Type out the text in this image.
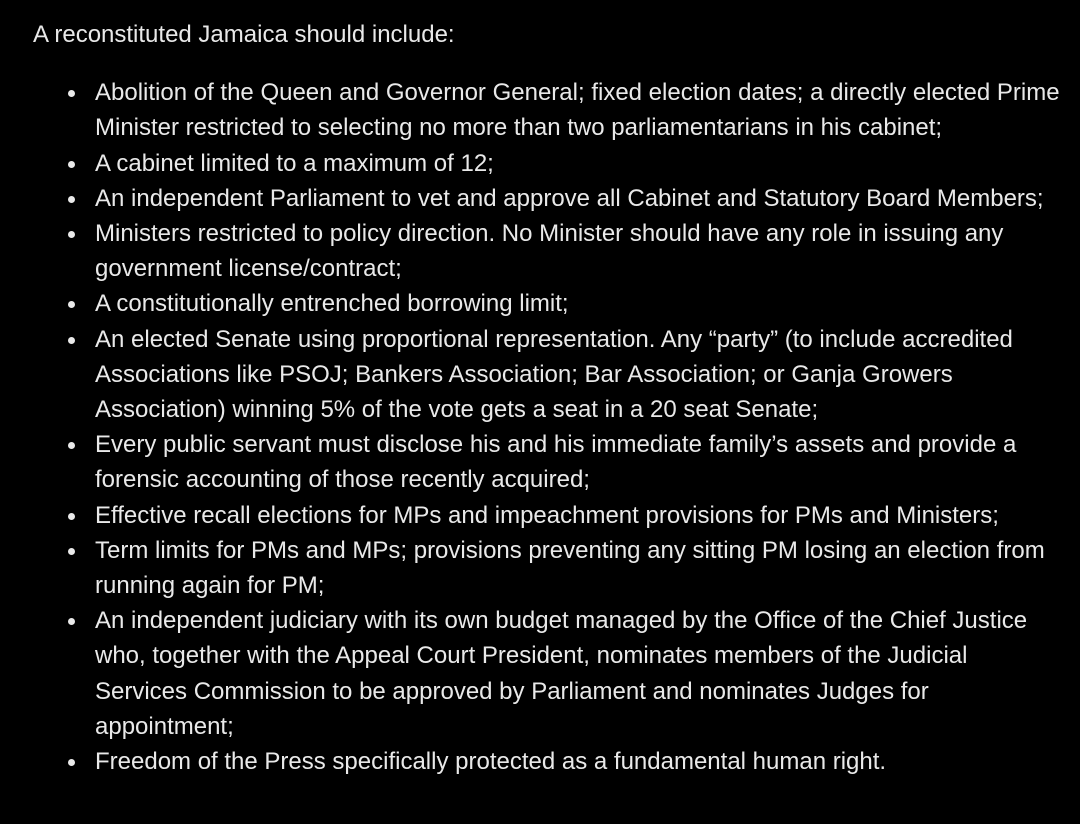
A reconstituted Jamaica should include:

Abolition of the Queen and Governor General; fixed election dates; a directly elected Prime Minister restricted to selecting no more than two parliamentarians in his cabinet;
A cabinet limited to a maximum of 12;
An independent Parliament to vet and approve all Cabinet and Statutory Board Members;
Ministers restricted to policy direction. No Minister should have any role in issuing any government license/contract;
A constitutionally entrenched borrowing limit;
An elected Senate using proportional representation. Any “party” (to include accredited Associations like PSOJ; Bankers Association; Bar Association; or Ganja Growers Association) winning 5% of the vote gets a seat in a 20 seat Senate;
Every public servant must disclose his and his immediate family’s assets and provide a forensic accounting of those recently acquired;
Effective recall elections for MPs and impeachment provisions for PMs and Ministers;
Term limits for PMs and MPs; provisions preventing any sitting PM losing an election from running again for PM;
An independent judiciary with its own budget managed by the Office of the Chief Justice who, together with the Appeal Court President, nominates members of the Judicial Services Commission to be approved by Parliament and nominates Judges for appointment;
Freedom of the Press specifically protected as a fundamental human right.
